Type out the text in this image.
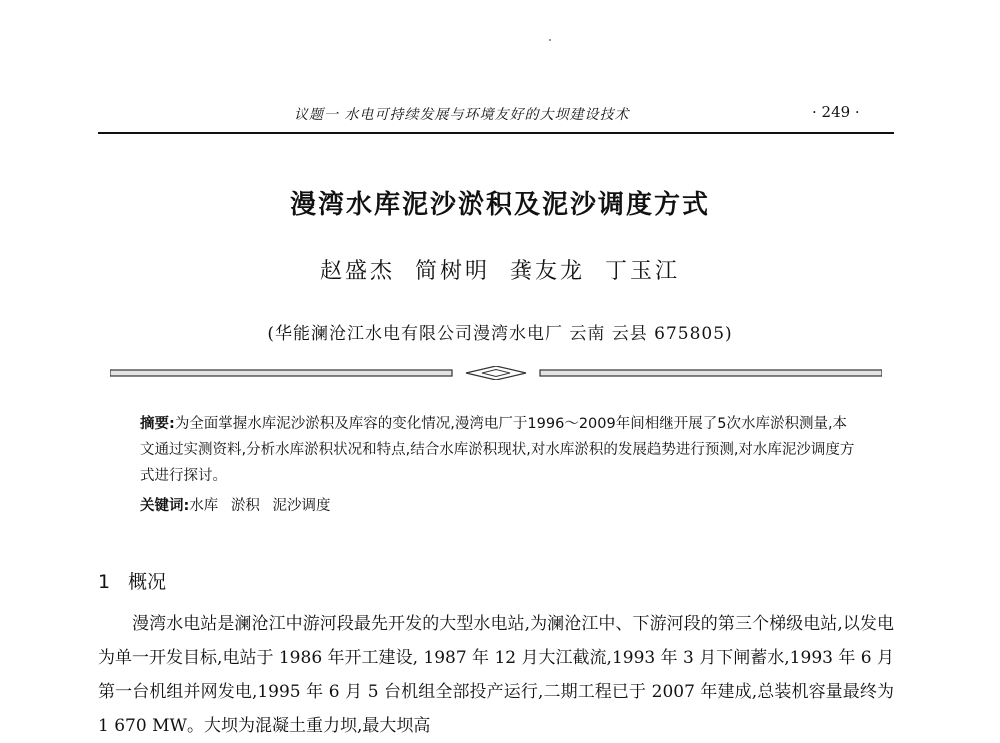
议题一 水电可持续发展与环境友好的大坝建设技术	· 249 ·
漫湾水库泥沙淤积及泥沙调度方式
赵盛杰 简树明 龚友龙 丁玉江
(华能澜沧江水电有限公司漫湾水电厂 云南 云县 675805)
摘要:为全面掌握水库泥沙淤积及库容的变化情况,漫湾电厂于1996～2009年间相继开展了5次水库淤积测量,本文通过实测资料,分析水库淤积状况和特点,结合水库淤积现状,对水库淤积的发展趋势进行预测,对水库泥沙调度方式进行探讨。
关键词:水库 淤积 泥沙调度
1 概况

漫湾水电站是澜沧江中游河段最先开发的大型水电站,为澜沧江中、下游河段的第三个梯级电站,以发电为单一开发目标,电站于 1986 年开工建设, 1987 年 12 月大江截流,1993 年 3 月下闸蓄水,1993 年 6 月第一台机组并网发电,1995 年 6 月 5 台机组全部投产运行,二期工程已于 2007 年建成,总装机容量最终为 1 670 MW。大坝为混凝土重力坝,最大坝高
